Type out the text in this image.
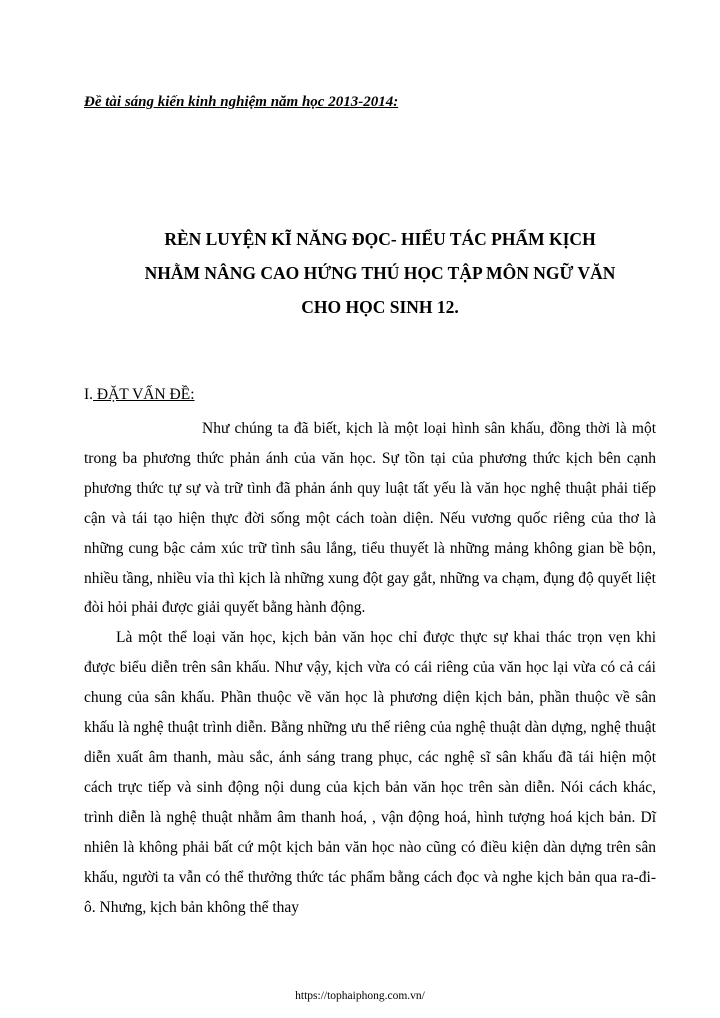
Đề tài sáng kiến kinh nghiệm năm học 2013-2014:
RÈN LUYỆN KĨ NĂNG ĐỌC- HIỂU TÁC PHẨM KỊCH
NHẰM NÂNG CAO HỨNG THÚ HỌC TẬP MÔN NGỮ VĂN
CHO HỌC SINH 12.
I. ĐẶT VẤN ĐỀ:

Như chúng ta đã biết, kịch là một loại hình sân khấu, đồng thời là một trong ba phương thức phản ánh của văn học. Sự tồn tại của phương thức kịch bên cạnh phương thức tự sự và trữ tình đã phản ánh quy luật tất yếu là văn học nghệ thuật phải tiếp cận và tái tạo hiện thực đời sống một cách toàn diện. Nếu vương quốc riêng của thơ là những cung bậc cảm xúc trữ tình sâu lắng, tiểu thuyết là những mảng không gian bề bộn, nhiều tầng, nhiều vỉa thì kịch là những xung đột gay gắt, những va chạm, đụng độ quyết liệt đòi hỏi phải được giải quyết bằng hành động.

Là một thể loại văn học, kịch bản văn học chỉ được thực sự khai thác trọn vẹn khi được biểu diễn trên sân khấu. Như vậy, kịch vừa có cái riêng của văn học lại vừa có cả cái chung của sân khấu. Phần thuộc về văn học là phương diện kịch bản, phần thuộc về sân khấu là nghệ thuật trình diễn. Bằng những ưu thế riêng của nghệ thuật dàn dựng, nghệ thuật diễn xuất âm thanh, màu sắc, ánh sáng trang phục, các nghệ sĩ sân khấu đã tái hiện một cách trực tiếp và sinh động nội dung của kịch bản văn học trên sàn diễn. Nói cách khác, trình diễn là nghệ thuật nhằm âm thanh hoá, , vận động hoá, hình tượng hoá kịch bản. Dĩ nhiên là không phải bất cứ một kịch bản văn học nào cũng có điều kiện dàn dựng trên sân khấu, người ta vẫn có thể thưởng thức tác phẩm bằng cách đọc và nghe kịch bản qua ra-đi-ô. Nhưng, kịch bản không thể thay

https://tophaiphong.com.vn/
